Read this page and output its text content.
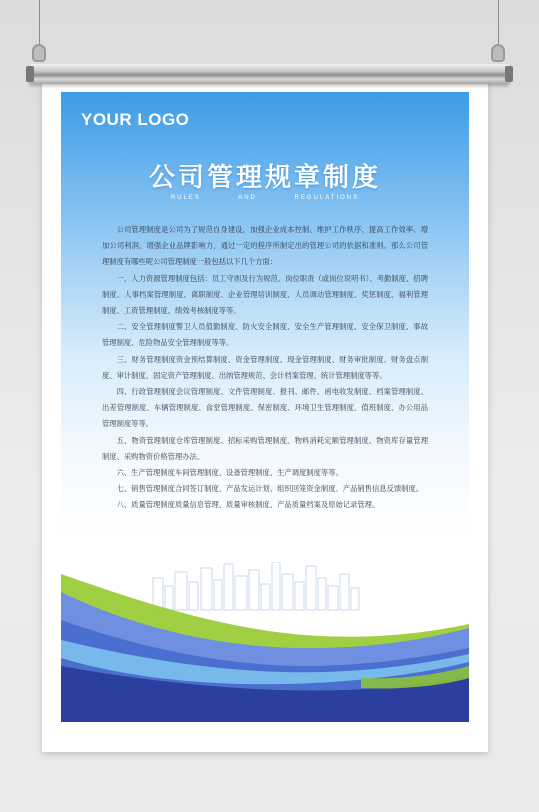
YOUR LOGO
公司管理规章制度
RULES AND REGULATIONS

公司管理制度是公司为了规范自身建设，加强企业成本控制、维护工作秩序、提高工作效率、增加公司利润、增强企业品牌影响力，通过一定的程序所制定出的管理公司的依据和准则。那么公司管理制度有哪些呢公司管理制度一般包括以下几个方面：

一、人力资源管理制度包括：员工守则及行为规范、岗位职责（或岗位说明书）、考勤制度、招聘制度、人事档案管理制度、离职制度、企业管理培训制度、人员调动管理制度、奖惩制度、福利管理制度、工资管理制度、绩效考核制度等等。

二、安全管理制度警卫人员值勤制度、防火安全制度、安全生产管理制度、安全保卫制度、事故管理制度、危险物品安全管理制度等等。

三、财务管理制度资金预结算制度、资金管理制度、现金管理制度、财务审批制度、财务盘点制度、审计制度、固定资产管理制度、出纳管理规范、会计档案管理、统计管理制度等等。

四、行政管理制度会议管理制度、文件管理制度、报刊、邮件、函电收发制度、档案管理制度、出差管理制度、车辆管理制度、食堂管理制度、保密制度、环境卫生管理制度、值班制度、办公用品管理制度等等。

五、物资管理制度仓库管理制度、招标采购管理制度、物料消耗定额管理制度、物资库存量管理制度、采购物资价格管理办法。

六、生产管理制度车间管理制度、设备管理制度、生产调度制度等等。

七、销售管理制度合同签订制度、产品发运计划、组织回笼资金制度、产品销售信息反馈制度。

八、质量管理制度质量信息管理、质量审核制度、产品质量档案及原始记录管理。
